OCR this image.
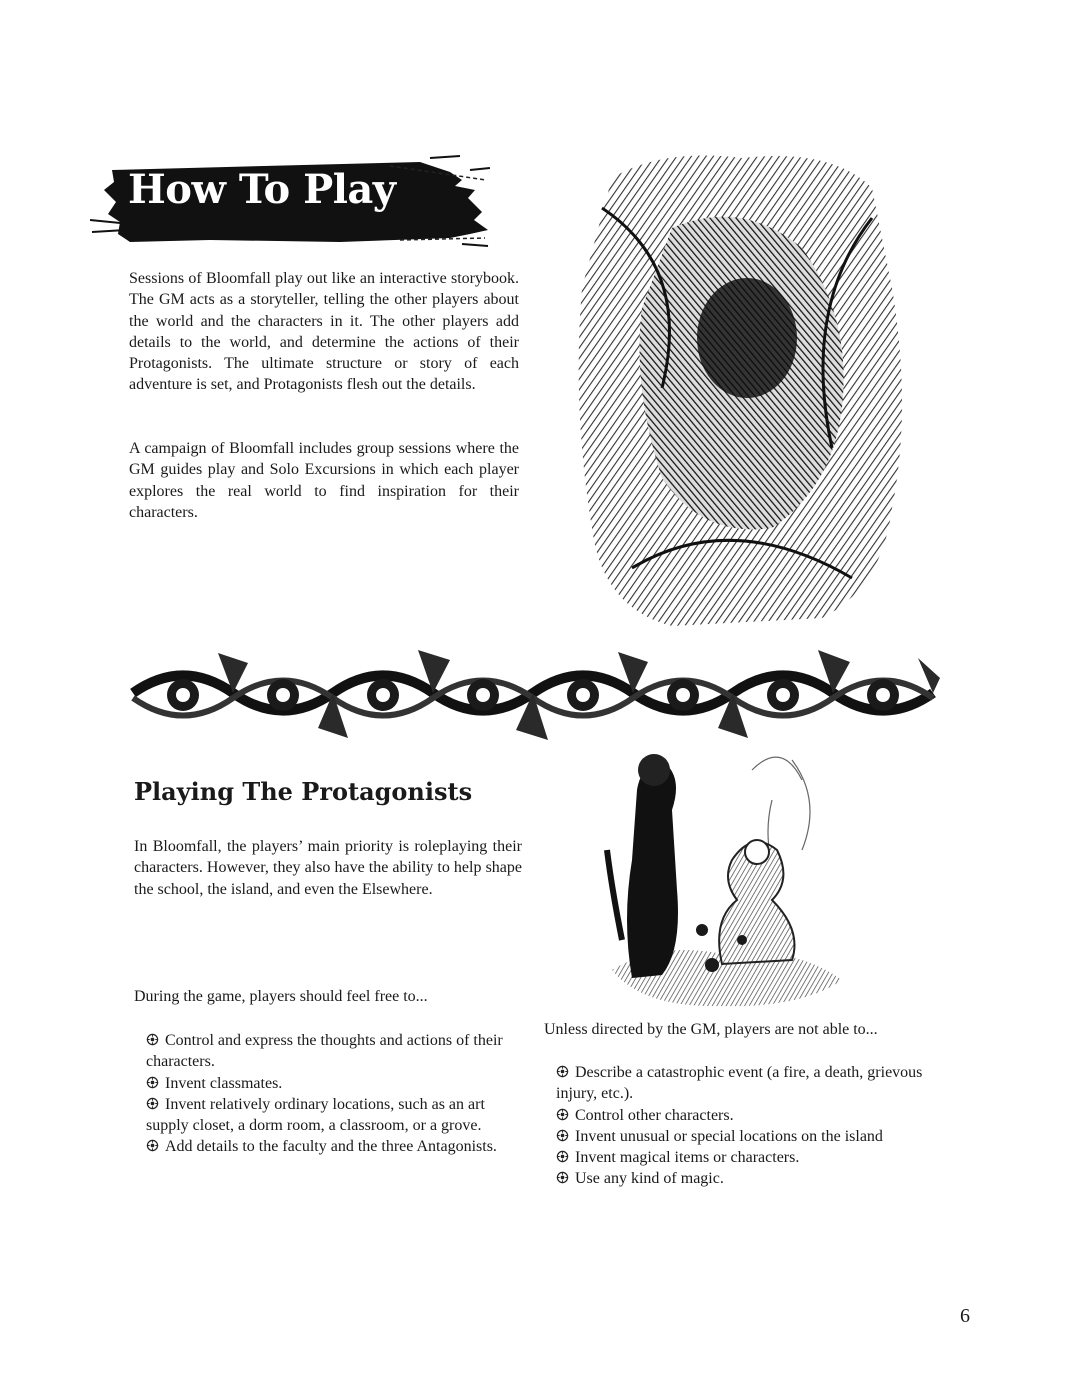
How To Play

Sessions of Bloomfall play out like an interactive storybook. The GM acts as a storyteller, telling the other players about the world and the characters in it. The other players add details to the world, and determine the actions of their Protagonists. The ultimate structure or story of each adventure is set, and Protagonists flesh out the details.

A campaign of Bloomfall includes group sessions where the GM guides play and Solo Excursions in which each player explores the real world to find inspiration for their characters.

Playing The Protagonists

In Bloomfall, the players’ main priority is roleplaying their characters. However, they also have the ability to help shape the school, the island, and even the Elsewhere.

During the game, players should feel free to...

Control and express the thoughts and actions of their characters.
Invent classmates.
Invent relatively ordinary locations, such as an art supply closet, a dorm room, a classroom, or a grove.
Add details to the faculty and the three Antagonists.

Unless directed by the GM, players are not able to...

Describe a catastrophic event (a fire, a death, grievous injury, etc.).
Control other characters.
Invent unusual or special locations on the island
Invent magical items or characters.
Use any kind of magic.
6
